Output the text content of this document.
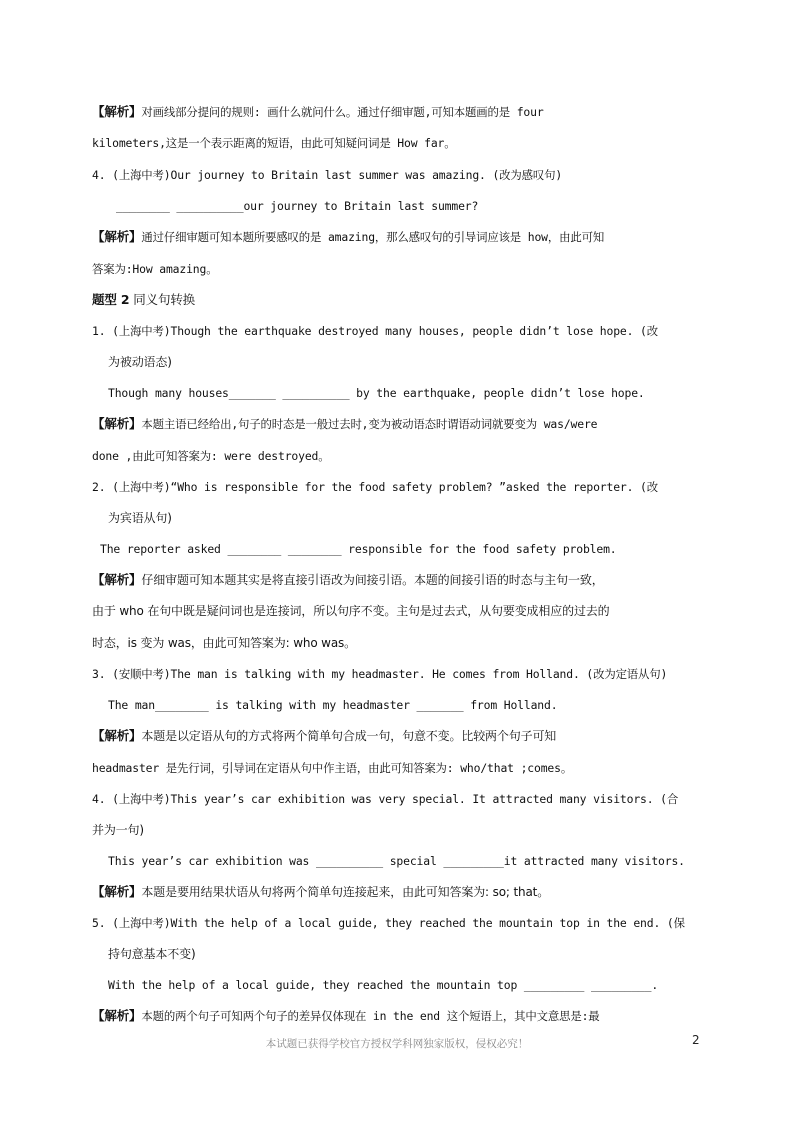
【解析】对画线部分提问的规则: 画什么就问什么。通过仔细审题,可知本题画的是 four
kilometers,这是一个表示距离的短语，由此可知疑问词是 How far。
4. (上海中考)Our journey to Britain last summer was amazing. (改为感叹句)
________ __________our journey to Britain last summer?
【解析】通过仔细审题可知本题所要感叹的是 amazing，那么感叹句的引导词应该是 how，由此可知
答案为:How amazing。
题型 2 同义句转换
1. (上海中考)Though the earthquake destroyed many houses, people didn’t lose hope. (改
为被动语态)
Though many houses_______ __________ by the earthquake, people didn’t lose hope.
【解析】本题主语已经给出,句子的时态是一般过去时,变为被动语态时谓语动词就要变为 was/were
done ,由此可知答案为: were destroyed。
2. (上海中考)“Who is responsible for the food safety problem? ”asked the reporter. (改
为宾语从句)
The reporter asked ________ ________ responsible for the food safety problem.
【解析】仔细审题可知本题其实是将直接引语改为间接引语。本题的间接引语的时态与主句一致，
由于 who 在句中既是疑问词也是连接词，所以句序不变。主句是过去式，从句要变成相应的过去的
时态，is 变为 was，由此可知答案为: who was。
3. (安顺中考)The man is talking with my headmaster. He comes from Holland. (改为定语从句)
The man________ is talking with my headmaster _______ from Holland.
【解析】本题是以定语从句的方式将两个简单句合成一句，句意不变。比较两个句子可知
headmaster 是先行词，引导词在定语从句中作主语，由此可知答案为: who/that ;comes。
4. (上海中考)This year’s car exhibition was very special. It attracted many visitors. (合
并为一句)
This year’s car exhibition was __________ special _________it attracted many visitors.
【解析】本题是要用结果状语从句将两个简单句连接起来，由此可知答案为: so; that。
5. (上海中考)With the help of a local guide, they reached the mountain top in the end. (保
持句意基本不变)
With the help of a local guide, they reached the mountain top _________ _________.
【解析】本题的两个句子可知两个句子的差异仅体现在 in the end 这个短语上，其中文意思是:最
本试题已获得学校官方授权学科网独家版权，侵权必究！	2
